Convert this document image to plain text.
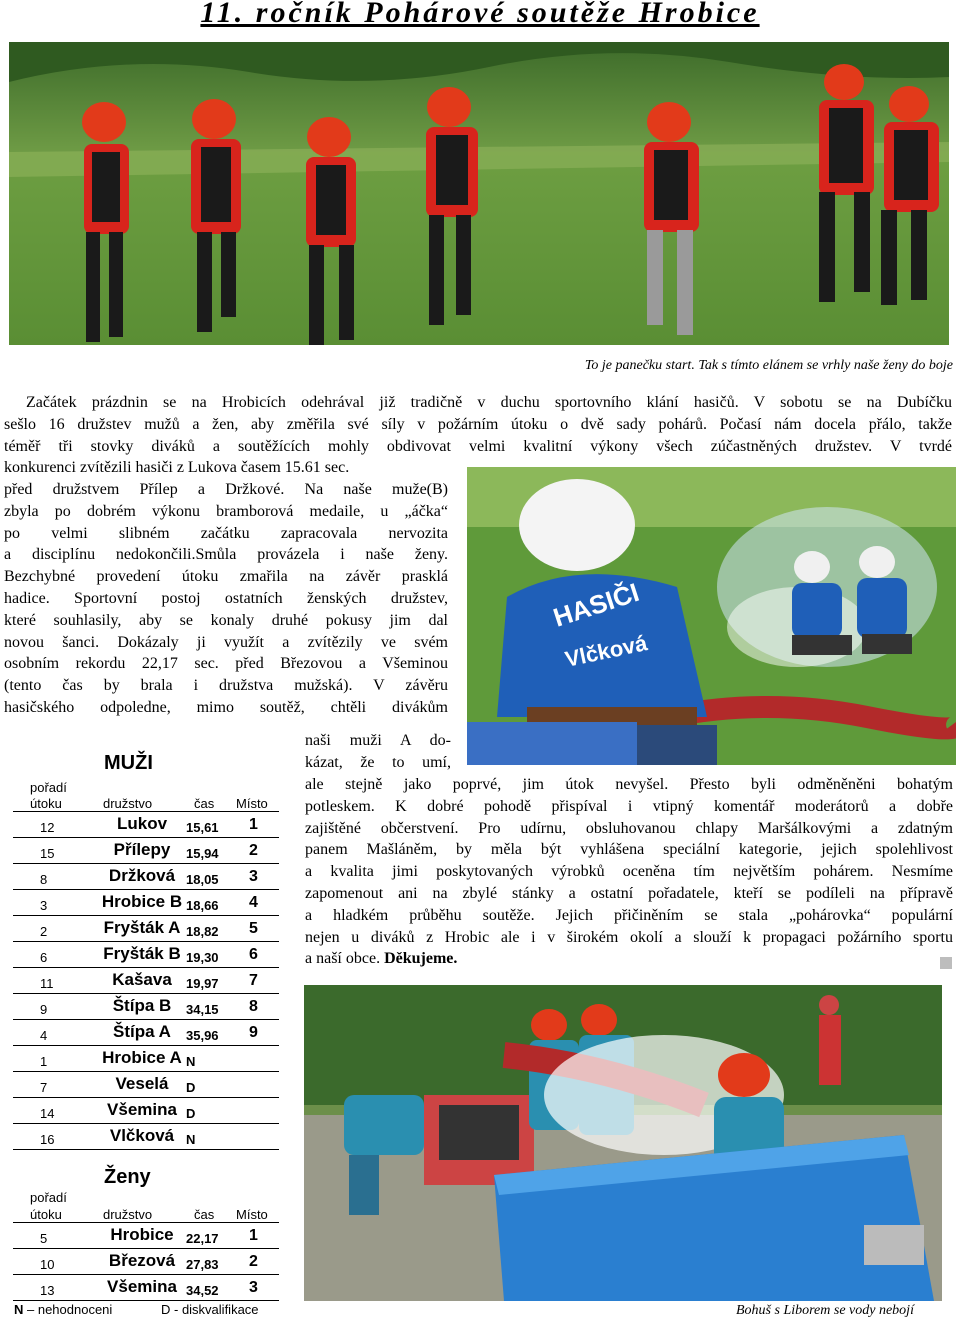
11. ročník Pohárové soutěže Hrobice
To je panečku start. Tak s tímto elánem se vrhly naše ženy do boje
Začátek prázdnin se na Hrobicích odehrával již tradičně v duchu sportovního klání hasičů. V sobotu se na Dubíčku
sešlo 16 družstev mužů a žen, aby změřila své síly v požárním útoku o dvě sady pohárů. Počasí nám docela přálo, takže
téměř tři stovky diváků a soutěžících mohly obdivovat velmi kvalitní výkony všech zúčastněných družstev. V tvrdé
konkurenci zvítězili hasiči z Lukova časem 15.61 sec.
před družstvem Přílep a Držkové. Na naše muže(B)
zbyla po dobrém výkonu bramborová medaile, u „áčka“
po velmi slibném začátku zapracovala nervozita
a disciplínu nedokončili.Smůla provázela i naše ženy.
Bezchybné provedení útoku zmařila na závěr prasklá
hadice. Sportovní postoj ostatních ženských družstev,
které souhlasily, aby se konaly druhé pokusy jim dal
novou šanci. Dokázaly ji využít a zvítězily ve svém
osobním rekordu 22,17 sec. před Březovou a Všeminou
(tento čas by brala i družstva mužská). V závěru
hasičského odpoledne, mimo soutěž, chtěli divákům
naši muži A do-
kázat, že to umí,
ale stejně jako poprvé, jim útok nevyšel. Přesto byli odměněněni bohatým
potleskem. K dobré pohodě přispíval i vtipný komentář moderátorů a dobře
zajištěné občerstvení. Pro udírnu, obsluhovanou chlapy Maršálkovými a zdatným
panem Mašláněm, by měla být vyhlášena speciální kategorie, jejich spolehlivost
a kvalita jimi poskytovaných výrobků oceněna tím největším pohárem. Nesmíme
zapomenout ani na zbylé stánky a ostatní pořadatele, kteří se podíleli na přípravě
a hladkém průběhu soutěže. Jejich přičiněním se stala „pohárovka“ populární
nejen u diváků z Hrobic ale i v širokém okolí a slouží k propagaci požárního sportu
a naší obce. Děkujeme.
HASIČI
Vlčková
Bohuš s Liborem se vody nebojí
MUŽI
pořadí
útoku	družstvo	čas Místo
12	Lukov	15,61 1
15	Přílepy	15,94 2
8	Držková 18,05 3
3	Hrobice B 18,66 4
2	Fryšták A 18,82 5
6	Fryšták B 19,30 6
11	Kašava	19,97 7
9	Štípa B	34,15 8
4	Štípa A	35,96 9
1	Hrobice A N
7	Veselá	D
14	Všemina D
16	Vlčková N
Ženy
pořadí
útoku	družstvo	čas Místo
5	Hrobice 22,17 1
10	Březová 27,83 2
13	Všemina 34,52 3
N – nehodnoceni	D - diskvalifikace
